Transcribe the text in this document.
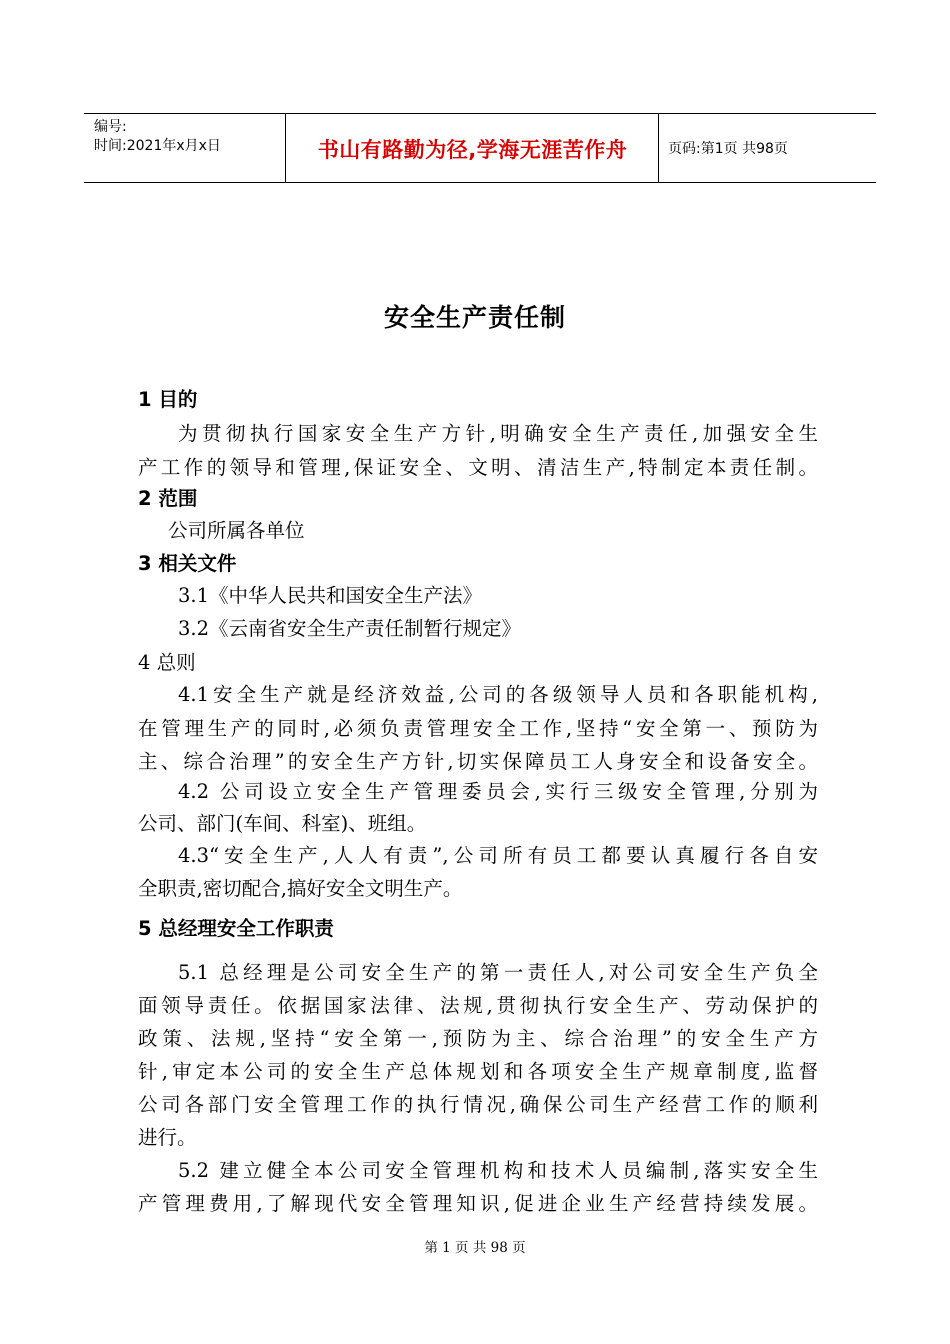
编号:
时间:2021年x月x日	书山有路勤为径,学海无涯苦作舟	页码:第1页 共98页
安全生产责任制
1 目的
为贯彻执行国家安全生产方针,明确安全生产责任,加强安全生
产工作的领导和管理,保证安全、文明、清洁生产,特制定本责任制。
2 范围
公司所属各单位
3 相关文件
3.1《中华人民共和国安全生产法》
3.2《云南省安全生产责任制暂行规定》
4 总则
4.1安全生产就是经济效益,公司的各级领导人员和各职能机构,
在管理生产的同时,必须负责管理安全工作,坚持“安全第一、预防为
主、综合治理”的安全生产方针,切实保障员工人身安全和设备安全。
4.2 公司设立安全生产管理委员会,实行三级安全管理,分别为
公司、部门(车间、科室)、班组。
4.3“安全生产,人人有责”,公司所有员工都要认真履行各自安
全职责,密切配合,搞好安全文明生产。
5 总经理安全工作职责
5.1 总经理是公司安全生产的第一责任人,对公司安全生产负全
面领导责任。依据国家法律、法规,贯彻执行安全生产、劳动保护的
政策、法规,坚持“安全第一,预防为主、综合治理”的安全生产方
针,审定本公司的安全生产总体规划和各项安全生产规章制度,监督
公司各部门安全管理工作的执行情况,确保公司生产经营工作的顺利
进行。
5.2 建立健全本公司安全管理机构和技术人员编制,落实安全生
产管理费用,了解现代安全管理知识,促进企业生产经营持续发展。
第 1 页 共 98 页
